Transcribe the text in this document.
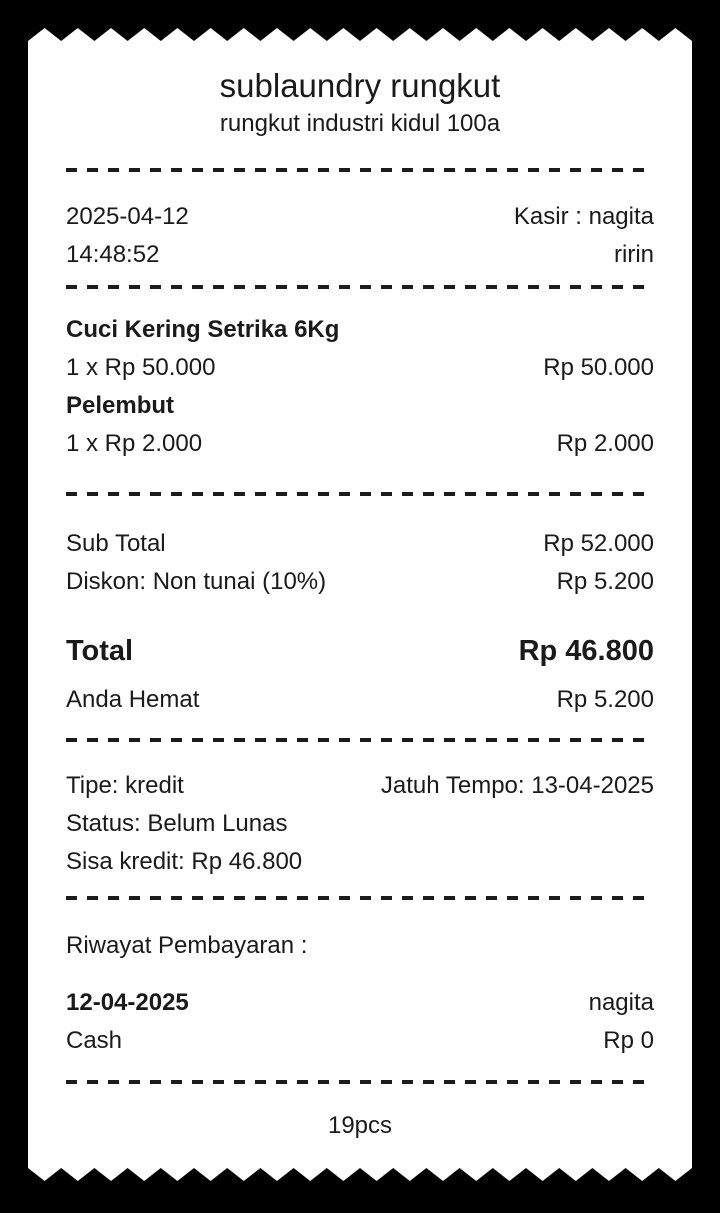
sublaundry rungkut
rungkut industri kidul 100a
2025-04-12	Kasir : nagita
14:48:52	ririn
Cuci Kering Setrika 6Kg
1 x Rp 50.000	Rp 50.000
Pelembut
1 x Rp 2.000	Rp 2.000
Sub Total	Rp 52.000
Diskon: Non tunai (10%)	Rp 5.200
Total	Rp 46.800
Anda Hemat	Rp 5.200
Tipe: kredit	Jatuh Tempo: 13-04-2025
Status: Belum Lunas
Sisa kredit: Rp 46.800
Riwayat Pembayaran :
12-04-2025	nagita
Cash	Rp 0
19pcs
